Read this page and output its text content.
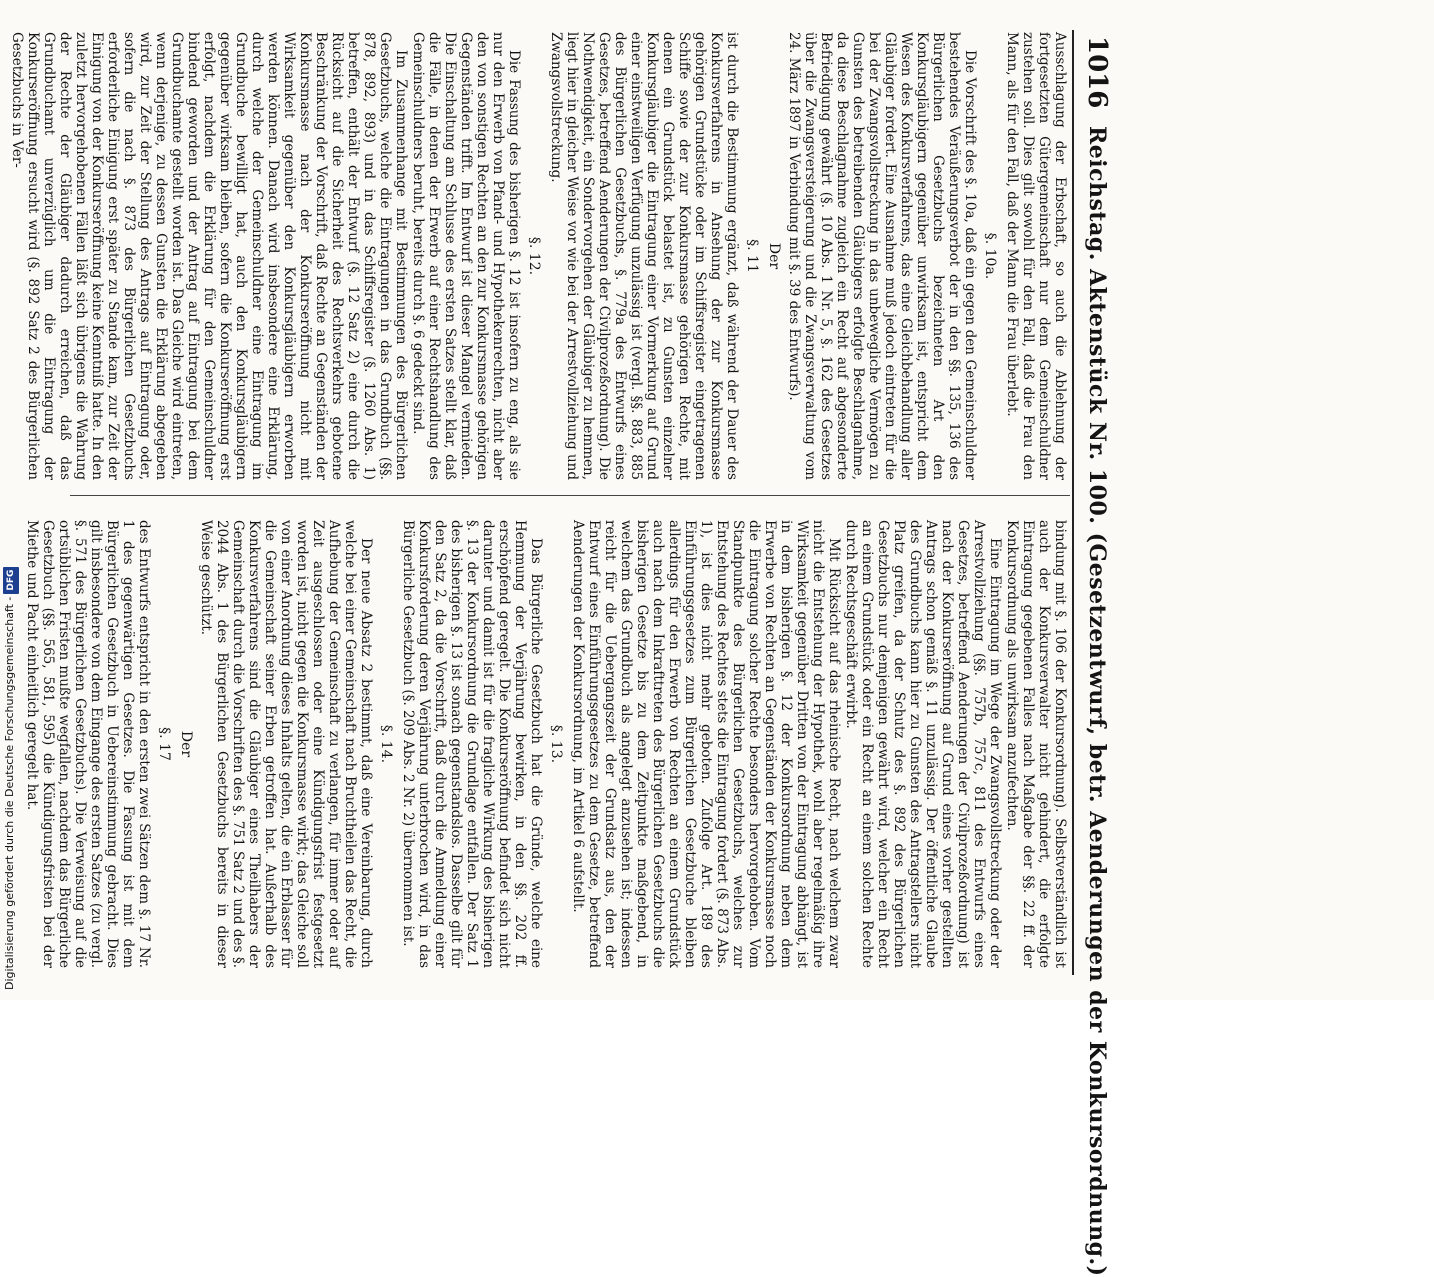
1016
Reichstag. Aktenstück Nr. 100. (Gesetzentwurf, betr. Aenderungen der Konkursordnung.)

Ausschlagung der Erbschaft, so auch die Ablehnung der fortgesetzten Gütergemeinschaft nur dem Gemeinschuldner zustehen soll. Dies gilt sowohl für den Fall, daß die Frau den Mann, als für den Fall, daß der Mann die Frau überlebt.

§. 10a.

Die Vorschrift des §. 10a, daß ein gegen den Gemeinschuldner bestehendes Veräußerungsverbot der in den §§. 135, 136 des Bürgerlichen Gesetzbuchs bezeichneten Art den Konkursgläubigern gegenüber unwirksam ist, entspricht dem Wesen des Konkursverfahrens, das eine Gleichbehandlung aller Gläubiger fordert. Eine Ausnahme muß jedoch eintreten für die bei der Zwangsvollstreckung in das unbewegliche Vermögen zu Gunsten des betreibenden Gläubigers erfolgte Beschlagnahme, da diese Beschlagnahme zugleich ein Recht auf abgesonderte Befriedigung gewährt (§. 10 Abs. 1 Nr. 5, §. 162 des Gesetzes über die Zwangsversteigerung und die Zwangsverwaltung vom 24. März 1897 in Verbindung mit §. 39 des Entwurfs).

Der
§. 11

ist durch die Bestimmung ergänzt, daß während der Dauer des Konkursverfahrens in Ansehung der zur Konkursmasse gehörigen Grundstücke oder im Schiffsregister eingetragenen Schiffe sowie der zur Konkursmasse gehörigen Rechte, mit denen ein Grundstück belastet ist, zu Gunsten einzelner Konkursgläubiger die Eintragung einer Vormerkung auf Grund einer einstweiligen Verfügung unzulässig ist (vergl. §§. 883, 885 des Bürgerlichen Gesetzbuchs, §. 779a des Entwurfs eines Gesetzes, betreffend Aenderungen der Civilprozeßordnung). Die Nothwendigkeit, ein Sondervorgehen der Gläubiger zu hemmen, liegt hier in gleicher Weise vor wie bei der Arrestvollziehung und Zwangsvollstreckung.

§. 12.

Die Fassung des bisherigen §. 12 ist insofern zu eng, als sie nur den Erwerb von Pfand- und Hypothekenrechten, nicht aber den von sonstigen Rechten an den zur Konkursmasse gehörigen Gegenständen trifft. Im Entwurf ist dieser Mangel vermieden. Die Einschaltung am Schlusse des ersten Satzes stellt klar, daß die Fälle, in denen der Erwerb auf einer Rechtshandlung des Gemeinschuldners beruht, bereits durch §. 6 gedeckt sind.

Im Zusammenhange mit Bestimmungen des Bürgerlichen Gesetzbuchs, welche die Eintragungen in das Grundbuch (§§. 878, 892, 893) und in das Schiffsregister (§. 1260 Abs. 1) betreffen, enthält der Entwurf (§. 12 Satz 2) eine durch die Rücksicht auf die Sicherheit des Rechtsverkehrs gebotene Beschränkung der Vorschrift, daß Rechte an Gegenständen der Konkursmasse nach der Konkurseröffnung nicht mit Wirksamkeit gegenüber den Konkursgläubigern erworben werden können. Danach wird insbesondere eine Erklärung, durch welche der Gemeinschuldner eine Eintragung im Grundbuche bewilligt hat, auch den Konkursgläubigern gegenüber wirksam bleiben, sofern die Konkurseröffnung erst erfolgt, nachdem die Erklärung für den Gemeinschuldner bindend geworden und der Antrag auf Eintragung bei dem Grundbuchamte gestellt worden ist. Das Gleiche wird eintreten, wenn derjenige, zu dessen Gunsten die Erklärung abgegeben wird, zur Zeit der Stellung des Antrags auf Eintragung oder, sofern die nach §. 873 des Bürgerlichen Gesetzbuchs erforderliche Einigung erst später zu Stande kam, zur Zeit der Einigung von der Konkurseröffnung keine Kenntniß hatte. In den zuletzt hervorgehobenen Fällen läßt sich übrigens die Wahrung der Rechte der Gläubiger dadurch erreichen, daß das Grundbuchamt unverzüglich um die Eintragung der Konkurseröffnung ersucht wird (§. 892 Satz 2 des Bürgerlichen Gesetzbuchs in Ver-

bindung mit §. 106 der Konkursordnung). Selbstverständlich ist auch der Konkursverwalter nicht gehindert, die erfolgte Eintragung gegebenen Falles nach Maßgabe der §§. 22 ff. der Konkursordnung als unwirksam anzufechten.

Eine Eintragung im Wege der Zwangsvollstreckung oder der Arrestvollziehung (§§. 757b, 757c, 811 des Entwurfs eines Gesetzes, betreffend Aenderungen der Civilprozeßordnung) ist nach der Konkurseröffnung auf Grund eines vorher gestellten Antrags schon gemäß §. 11 unzulässig. Der öffentliche Glaube des Grundbuchs kann hier zu Gunsten des Antragstellers nicht Platz greifen, da der Schutz des §. 892 des Bürgerlichen Gesetzbuchs nur demjenigen gewährt wird, welcher ein Recht an einem Grundstück oder ein Recht an einem solchen Rechte durch Rechtsgeschäft erwirbt.

Mit Rücksicht auf das rheinische Recht, nach welchem zwar nicht die Entstehung der Hypothek, wohl aber regelmäßig ihre Wirksamkeit gegenüber Dritten von der Eintragung abhängt, ist in dem bisherigen §. 12 der Konkursordnung neben dem Erwerbe von Rechten an Gegenständen der Konkursmasse noch die Eintragung solcher Rechte besonders hervorgehoben. Vom Standpunkte des Bürgerlichen Gesetzbuchs, welches zur Entstehung des Rechtes stets die Eintragung fordert (§. 873 Abs. 1), ist dies nicht mehr geboten. Zufolge Art. 189 des Einführungsgesetzes zum Bürgerlichen Gesetzbuche bleiben allerdings für den Erwerb von Rechten an einem Grundstück auch nach dem Inkrafttreten des Bürgerlichen Gesetzbuchs die bisherigen Gesetze bis zu dem Zeitpunkte maßgebend, in welchem das Grundbuch als angelegt anzusehen ist; indessen reicht für die Uebergangszeit der Grundsatz aus, den der Entwurf eines Einführungsgesetzes zu dem Gesetze, betreffend Aenderungen der Konkursordnung, im Artikel 6 aufstellt.

§. 13.

Das Bürgerliche Gesetzbuch hat die Gründe, welche eine Hemmung der Verjährung bewirken, in den §§. 202 ff. erschöpfend geregelt. Die Konkurseröffnung befindet sich nicht darunter und damit ist für die fragliche Wirkung des bisherigen §. 13 der Konkursordnung die Grundlage entfallen. Der Satz 1 des bisherigen §. 13 ist sonach gegenstandslos. Dasselbe gilt für den Satz 2, da die Vorschrift, daß durch die Anmeldung einer Konkursforderung deren Verjährung unterbrochen wird, in das Bürgerliche Gesetzbuch (§. 209 Abs. 2 Nr. 2) übernommen ist.

§. 14.

Der neue Absatz 2 bestimmt, daß eine Vereinbarung, durch welche bei einer Gemeinschaft nach Bruchtheilen das Recht, die Aufhebung der Gemeinschaft zu verlangen, für immer oder auf Zeit ausgeschlossen oder eine Kündigungsfrist festgesetzt worden ist, nicht gegen die Konkursmasse wirkt; das Gleiche soll von einer Anordnung dieses Inhalts gelten, die ein Erblasser für die Gemeinschaft seiner Erben getroffen hat. Außerhalb des Konkursverfahrens sind die Gläubiger eines Theilhabers der Gemeinschaft durch die Vorschriften des §. 751 Satz 2 und des §. 2044 Abs. 1 des Bürgerlichen Gesetzbuchs bereits in dieser Weise geschützt.

Der
§. 17

des Entwurfs entspricht in den ersten zwei Sätzen dem §. 17 Nr. 1 des gegenwärtigen Gesetzes. Die Fassung ist mit dem Bürgerlichen Gesetzbuch in Uebereinstimmung gebracht. Dies gilt insbesondere von dem Eingange des ersten Satzes (zu vergl. §. 571 des Bürgerlichen Gesetzbuchs). Die Verweisung auf die ortsüblichen Fristen mußte wegfallen, nachdem das Bürgerliche Gesetzbuch (§§. 565, 581, 595) die Kündigungsfristen bei der Miethe und Pacht einheitlich geregelt hat.

Digitalisierung gefördert durch die Deutsche Forschungsgemeinschaft -DFG
